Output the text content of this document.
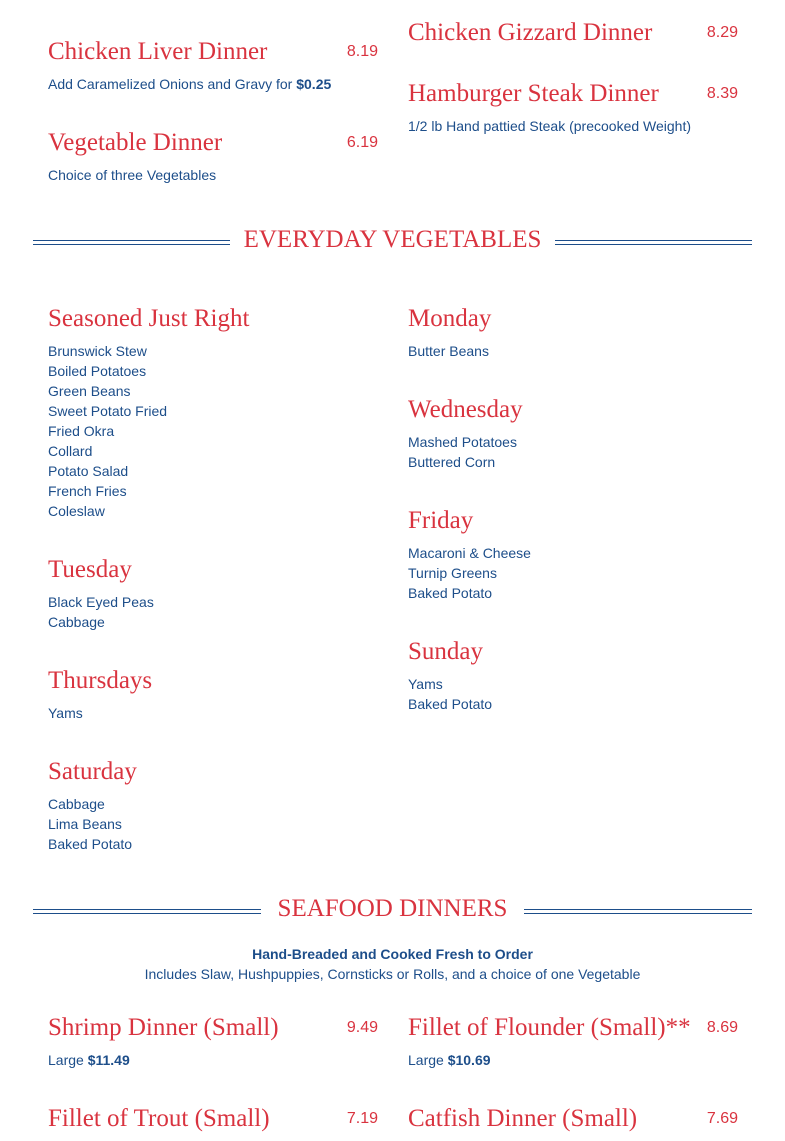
Chicken Liver Dinner	8.19
Add Caramelized Onions and Gravy for $0.25
Vegetable Dinner	6.19
Choice of three Vegetables
Chicken Gizzard Dinner	8.29
Hamburger Steak Dinner	8.39
1/2 lb Hand pattied Steak (precooked Weight)
EVERYDAY VEGETABLES
Seasoned Just Right
Brunswick Stew
Boiled Potatoes
Green Beans
Sweet Potato Fried
Fried Okra
Collard
Potato Salad
French Fries
Coleslaw
Tuesday
Black Eyed Peas
Cabbage
Thursdays
Yams
Saturday
Cabbage
Lima Beans
Baked Potato
Monday
Butter Beans
Wednesday
Mashed Potatoes
Buttered Corn
Friday
Macaroni & Cheese
Turnip Greens
Baked Potato
Sunday
Yams
Baked Potato
SEAFOOD DINNERS
Hand-Breaded and Cooked Fresh to Order
Includes Slaw, Hushpuppies, Cornsticks or Rolls, and a choice of one Vegetable
Shrimp Dinner (Small)	9.49
Large $11.49
Fillet of Flounder (Small)**	8.69
Large $10.69
Fillet of Trout (Small)	7.19 Catfish Dinner (Small)	7.69
